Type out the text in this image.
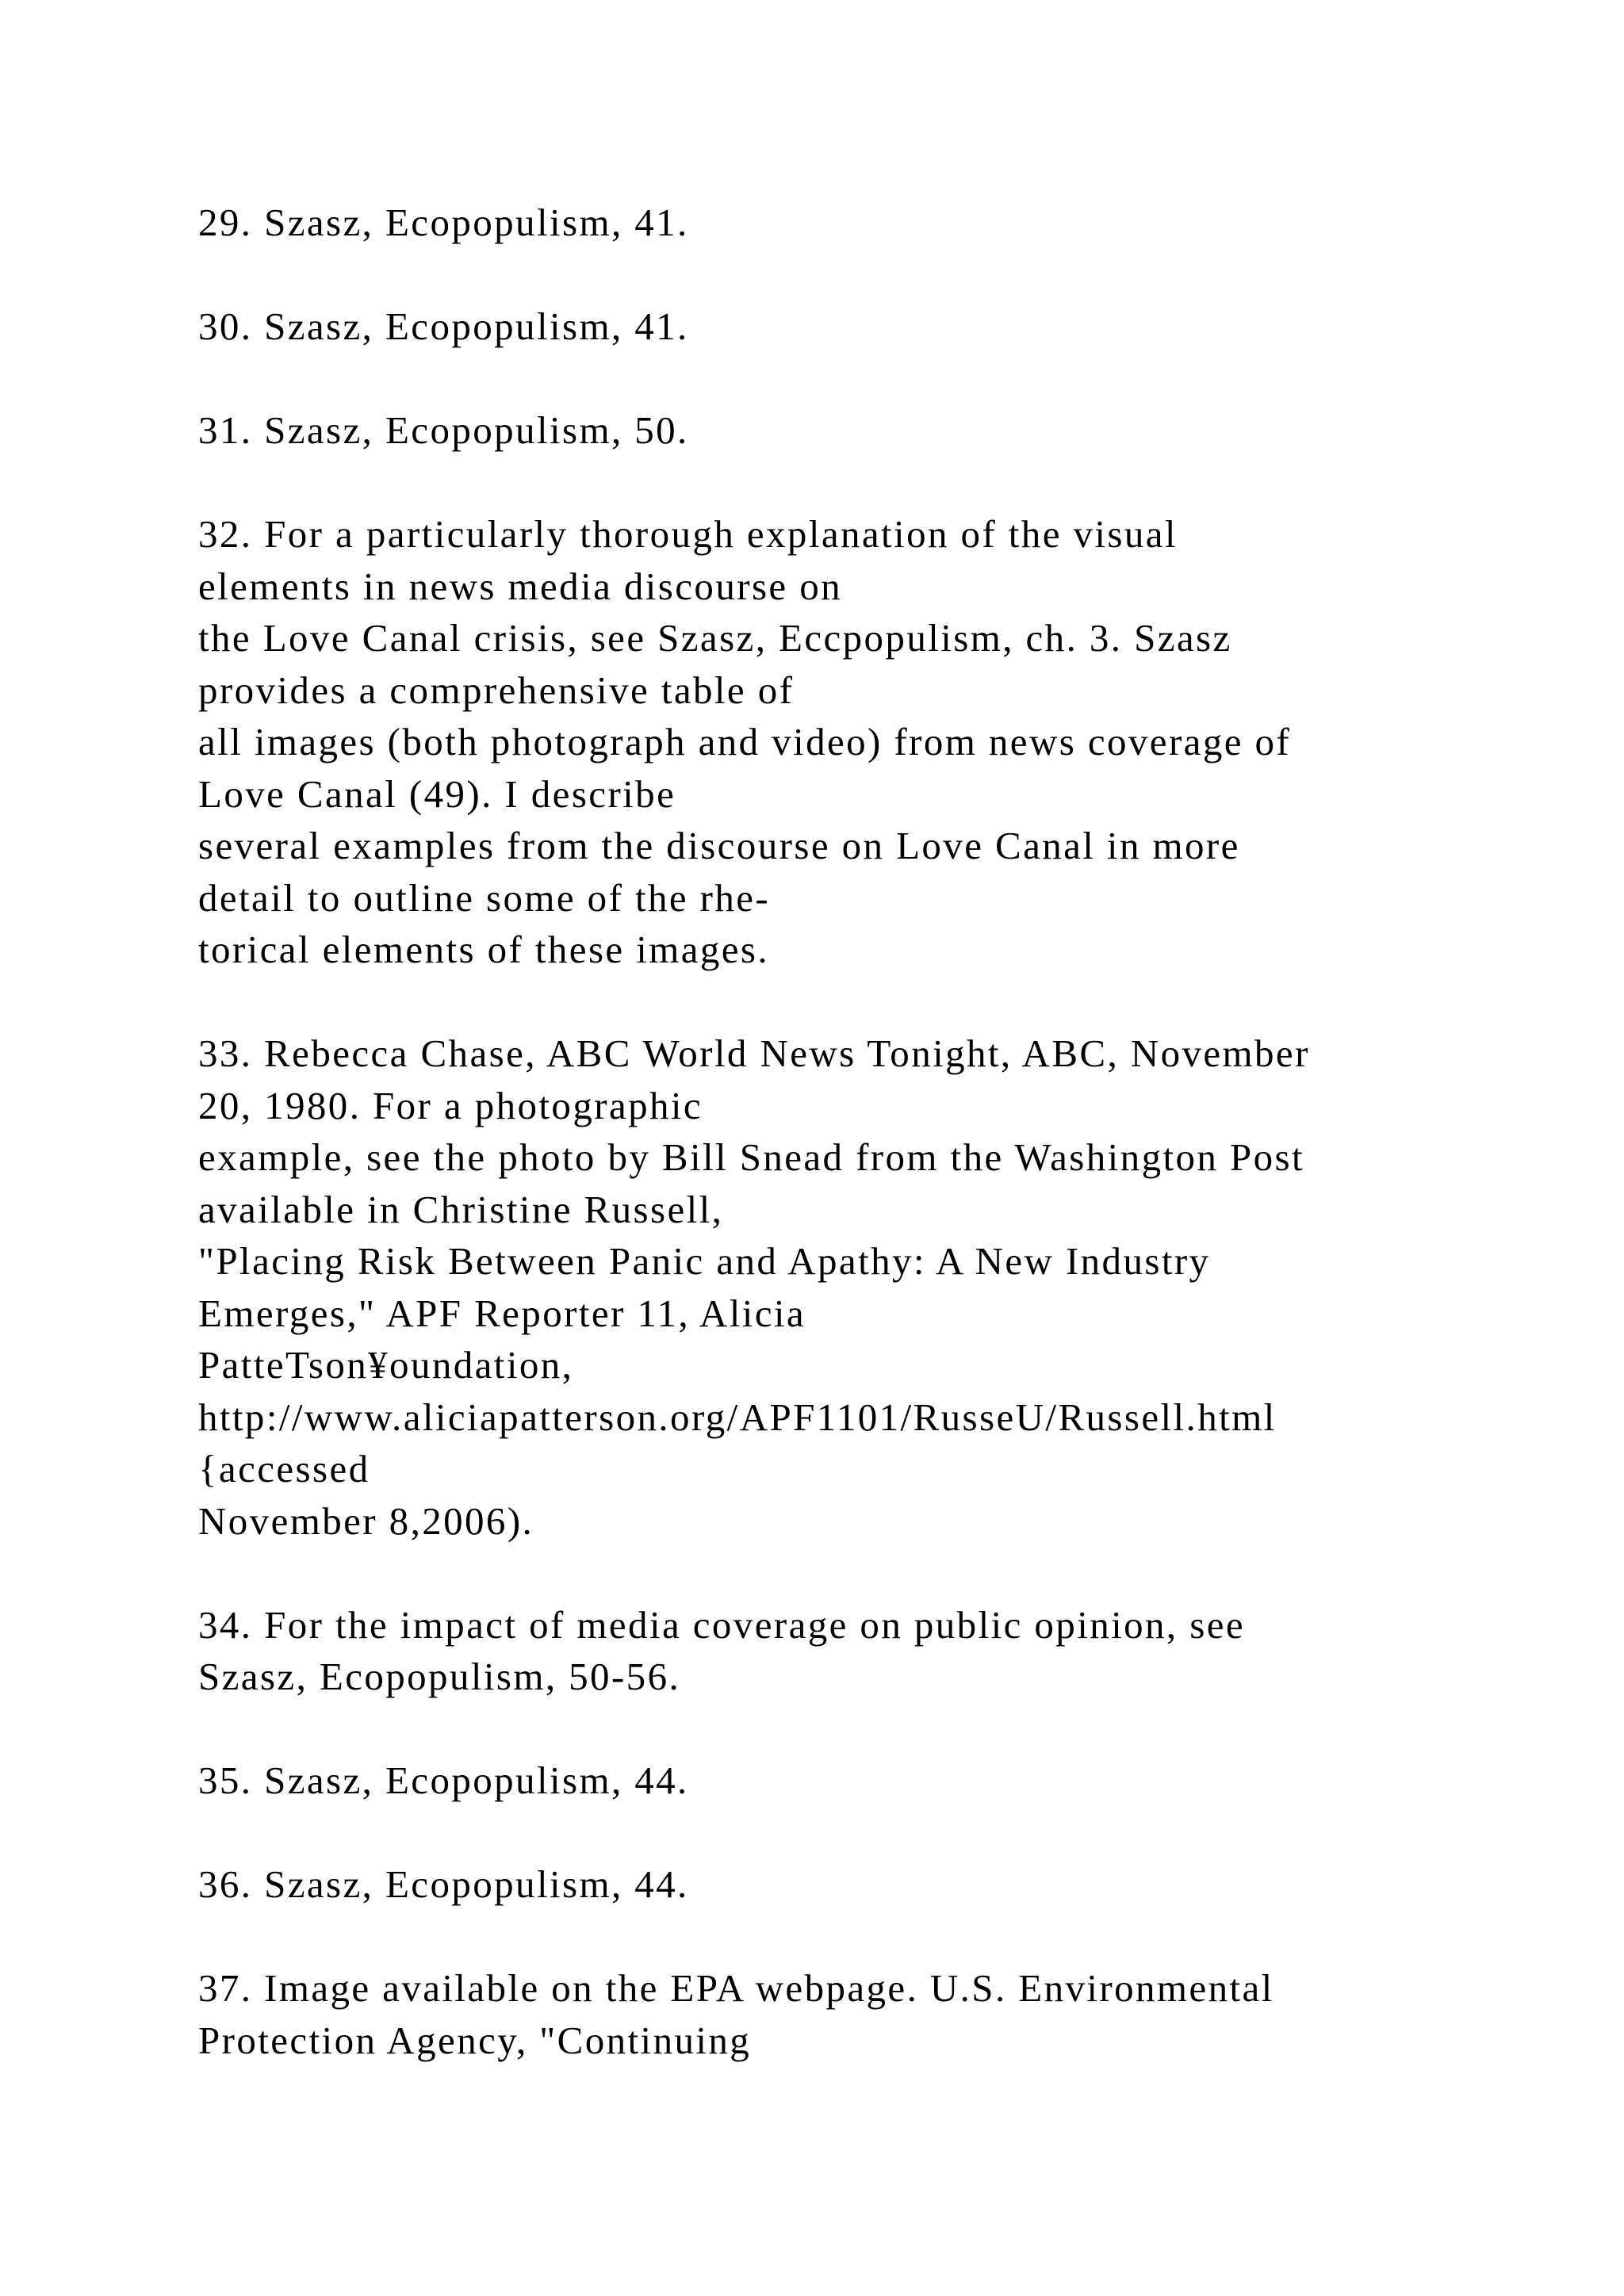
29. Szasz, Ecopopulism, 41.
30. Szasz, Ecopopulism, 41.
31. Szasz, Ecopopulism, 50.
32. For a particularly thorough explanation of the visual
elements in news media discourse on
the Love Canal crisis, see Szasz, Eccpopulism, ch. 3. Szasz
provides a comprehensive table of
all images (both photograph and video) from news coverage of
Love Canal (49). I describe
several examples from the discourse on Love Canal in more
detail to outline some of the rhe-
torical elements of these images.
33. Rebecca Chase, ABC World News Tonight, ABC, November
20, 1980. For a photographic
example, see the photo by Bill Snead from the Washington Post
available in Christine Russell,
"Placing Risk Between Panic and Apathy: A New Industry
Emerges," APF Reporter 11, Alicia
PatteTson¥oundation,
http://www.aliciapatterson.org/APF1101/RusseU/Russell.html
{accessed
November 8,2006).
34. For the impact of media coverage on public opinion, see
Szasz, Ecopopulism, 50-56.
35. Szasz, Ecopopulism, 44.
36. Szasz, Ecopopulism, 44.
37. Image available on the EPA webpage. U.S. Environmental
Protection Agency, "Continuing
